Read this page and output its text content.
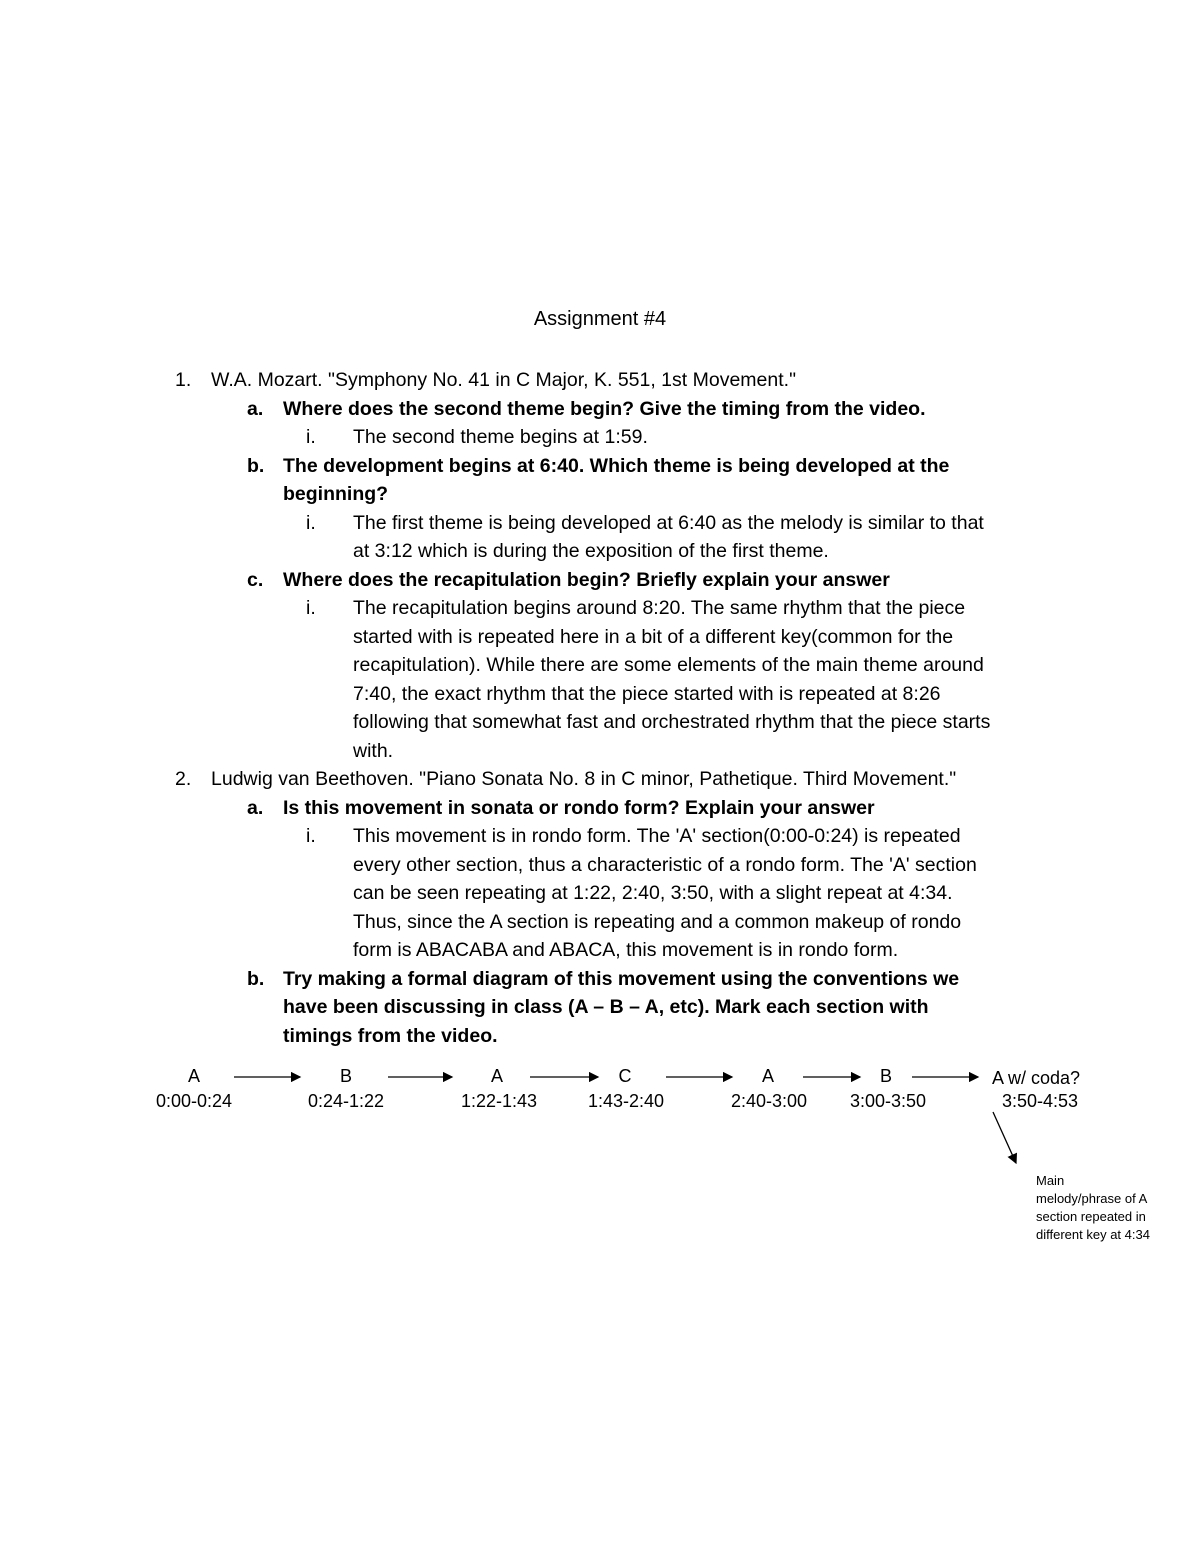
Assignment #4
1. W.A. Mozart. "Symphony No. 41 in C Major, K. 551, 1st Movement."
a. Where does the second theme begin? Give the timing from the video.
i. The second theme begins at 1:59.
b. The development begins at 6:40. Which theme is being developed at the
beginning?
i. The first theme is being developed at 6:40 as the melody is similar to that
at 3:12 which is during the exposition of the first theme.
c. Where does the recapitulation begin? Briefly explain your answer
i. The recapitulation begins around 8:20. The same rhythm that the piece
started with is repeated here in a bit of a different key(common for the
recapitulation). While there are some elements of the main theme around
7:40, the exact rhythm that the piece started with is repeated at 8:26
following that somewhat fast and orchestrated rhythm that the piece starts
with.
2. Ludwig van Beethoven. "Piano Sonata No. 8 in C minor, Pathetique. Third Movement."
a. Is this movement in sonata or rondo form? Explain your answer
i. This movement is in rondo form. The 'A' section(0:00-0:24) is repeated
every other section, thus a characteristic of a rondo form. The 'A' section
can be seen repeating at 1:22, 2:40, 3:50, with a slight repeat at 4:34.
Thus, since the A section is repeating and a common makeup of rondo
form is ABACABA and ABACA, this movement is in rondo form.
b. Try making a formal diagram of this movement using the conventions we
have been discussing in class (A – B – A, etc). Mark each section with
timings from the video.
A
0:00-0:24
B
0:24-1:22
A
1:22-1:43
C
1:43-2:40
A
2:40-3:00
B
3:00-3:50
A w/ coda?
3:50-4:53
Main
melody/phrase of A
section repeated in
different key at 4:34
